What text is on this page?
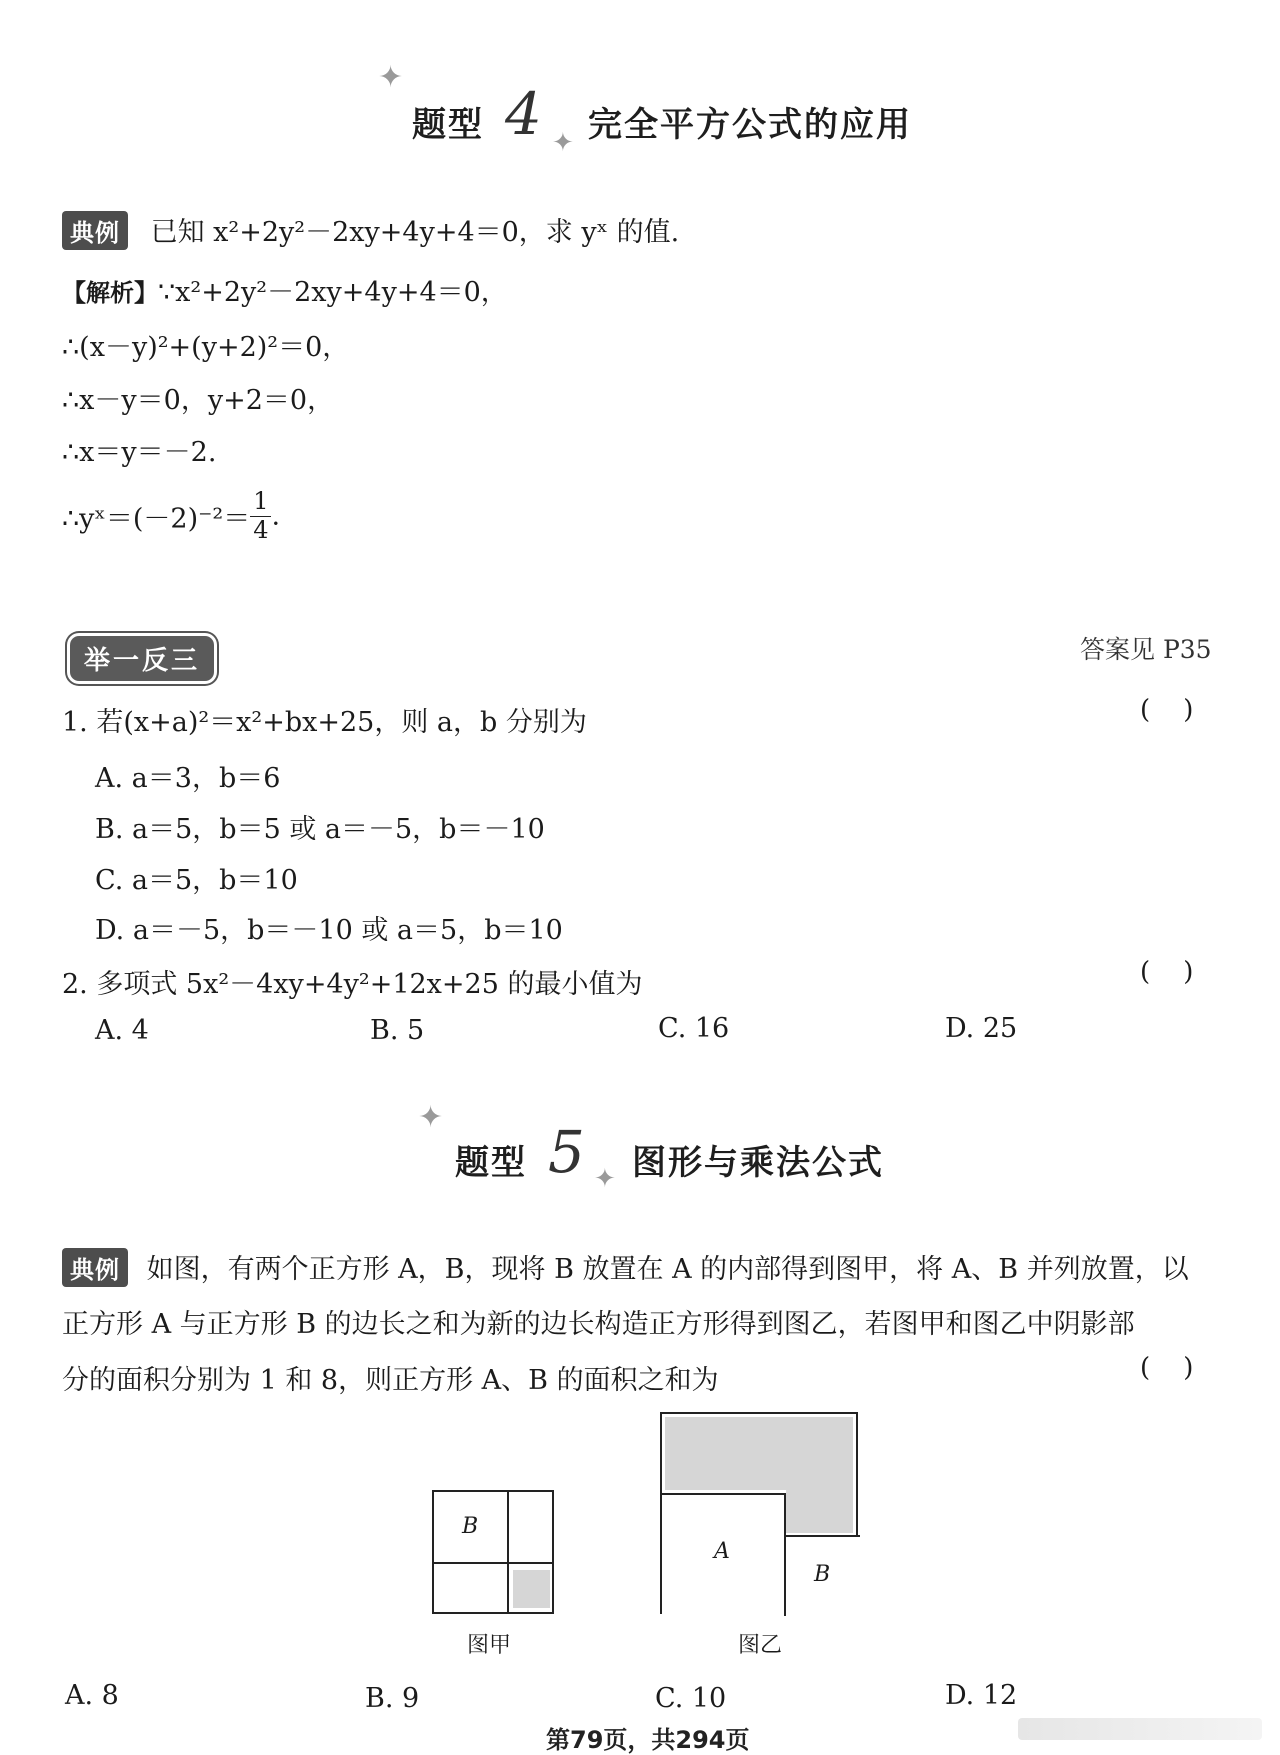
✦
题型 4 ✦ 完全平方公式的应用
典例 已知 x²+2y²－2xy+4y+4＝0，求 yˣ 的值.
【解析】∵x²+2y²－2xy+4y+4＝0，
∴(x－y)²+(y+2)²＝0，
∴x－y＝0，y+2＝0，
∴x＝y＝－2.
∴yˣ＝(－2)⁻²＝ $\frac{1}{4}$ .
举一反三	答案见 P35
1. 若(x+a)²＝x²+bx+25，则 a，b 分别为	(    )
A. a＝3，b＝6
B. a＝5，b＝5 或 a＝－5，b＝－10
C. a＝5，b＝10
D. a＝－5，b＝－10 或 a＝5，b＝10
2. 多项式 5x²－4xy+4y²+12x+25 的最小值为	(    )
A. 4	B. 5	C. 16	D. 25
✦
题型 5 ✦ 图形与乘法公式
典例 如图，有两个正方形 A，B，现将 B 放置在 A 的内部得到图甲，将 A、B 并列放置，以
正方形 A 与正方形 B 的边长之和为新的边长构造正方形得到图乙，若图甲和图乙中阴影部
分的面积分别为 1 和 8，则正方形 A、B 的面积之和为	(    )
B
图甲
A
B
图乙
A. 8	B. 9	C. 10	D. 12
第79页，共294页
